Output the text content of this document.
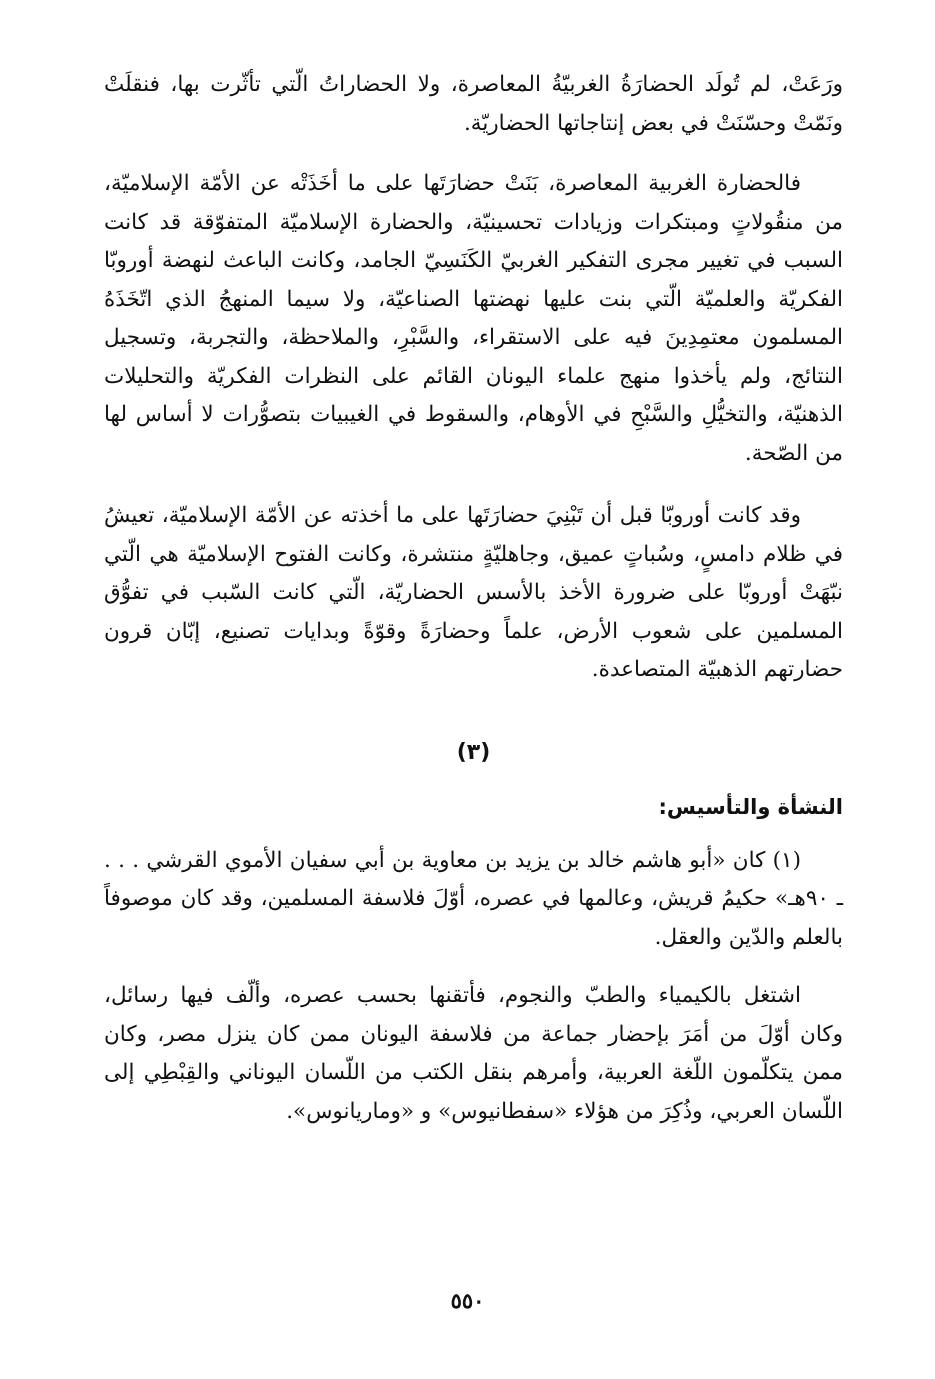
ورَعَتْ، لم تُولَد الحضارَةُ الغربيّةُ المعاصرة، ولا الحضاراتُ الّتي تأثّرت بها، فنقلَتْ ونَمّتْ وحسّنَتْ في بعض إنتاجاتها الحضاريّة.

فالحضارة الغربية المعاصرة، بَنَتْ حضارَتَها على ما أخَذَتْه عن الأمّة الإسلاميّة، من منقُولاتٍ ومبتكرات وزيادات تحسينيّة، والحضارة الإسلاميّة المتفوّقة قد كانت السبب في تغيير مجرى التفكير الغربيّ الكَنَسِيّ الجامد، وكانت الباعث لنهضة أوروبّا الفكريّة والعلميّة الّتي بنت عليها نهضتها الصناعيّة، ولا سيما المنهجُ الذي اتّخَذَهُ المسلمون معتمِدِينَ فيه على الاستقراء، والسَّبْرِ، والملاحظة، والتجربة، وتسجيل النتائج، ولم يأخذوا منهج علماء اليونان القائم على النظرات الفكريّة والتحليلات الذهنيّة، والتخيُّلِ والسَّبْحِ في الأوهام، والسقوط في الغيبيات بتصوُّرات لا أساس لها من الصّحة.

وقد كانت أوروبّا قبل أن تَبْنِيَ حضارَتَها على ما أخذته عن الأمّة الإسلاميّة، تعيشُ في ظلام دامسٍ، وسُباتٍ عميق، وجاهليّةٍ منتشرة، وكانت الفتوح الإسلاميّة هي الّتي نبّهَتْ أوروبّا على ضرورة الأخذ بالأسس الحضاريّة، الّتي كانت السّبب في تفوُّق المسلمين على شعوب الأرض، علماً وحضارَةً وقوّةً وبدايات تصنيع، إبّان قرون حضارتهم الذهبيّة المتصاعدة.

(٣)
النشأة والتأسيس:

(١) كان «أبو هاشم خالد بن يزيد بن معاوية بن أبي سفيان الأموي القرشي . . . ـ ٩٠هـ» حكيمُ قريش، وعالمها في عصره، أوّلَ فلاسفة المسلمين، وقد كان موصوفاً بالعلم والدّين والعقل.

اشتغل بالكيمياء والطبّ والنجوم، فأتقنها بحسب عصره، وألّف فيها رسائل، وكان أوّلَ من أمَرَ بإحضار جماعة من فلاسفة اليونان ممن كان ينزل مصر، وكان ممن يتكلّمون اللّغة العربية، وأمرهم بنقل الكتب من اللّسان اليوناني والقِبْطِي إلى اللّسان العربي، وذُكِرَ من هؤلاء «سفطانيوس» و «وماريانوس».

٥٥٠
